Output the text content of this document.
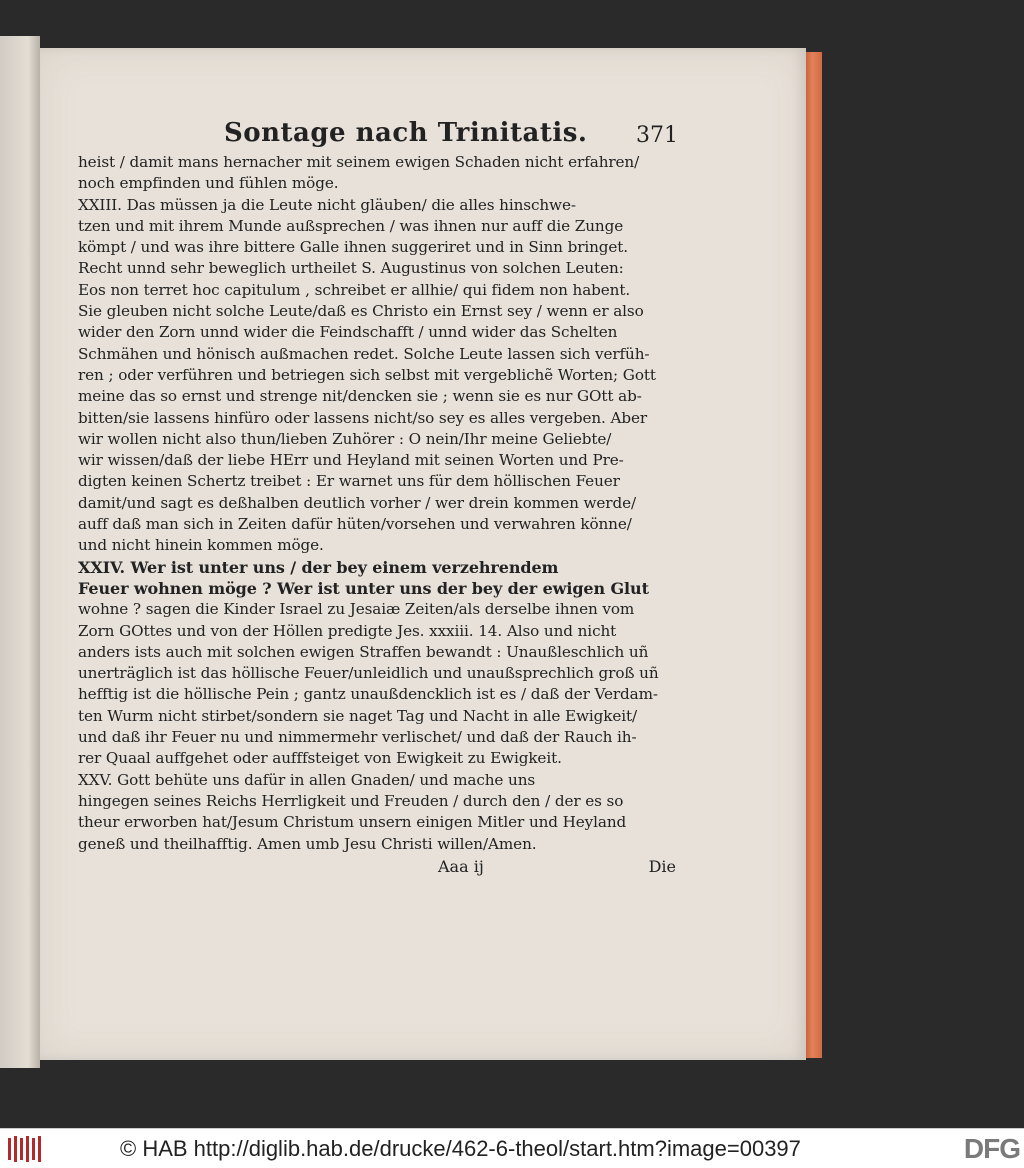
Sontage nach Trinitatis. 371
heist / damit mans hernacher mit seinem ewigen Schaden nicht erfahren/
noch empfinden und fühlen möge.
XXIII. Das müssen ja die Leute nicht gläuben/ die alles hinschwe-
tzen und mit ihrem Munde außsprechen / was ihnen nur auff die Zunge
kömpt / und was ihre bittere Galle ihnen suggeriret und in Sinn bringet.
Recht unnd sehr beweglich urtheilet S. Augustinus von solchen Leuten:
Eos non terret hoc capitulum , schreibet er allhie/ qui fidem non habent.
Sie gleuben nicht solche Leute/daß es Christo ein Ernst sey / wenn er also
wider den Zorn unnd wider die Feindschafft / unnd wider das Schelten
Schmähen und hönisch außmachen redet. Solche Leute lassen sich verfüh-
ren ; oder verführen und betriegen sich selbst mit vergeblichẽ Worten; Gott
meine das so ernst und strenge nit/dencken sie ; wenn sie es nur GOtt ab-
bitten/sie lassens hinfüro oder lassens nicht/so sey es alles vergeben. Aber
wir wollen nicht also thun/lieben Zuhörer : O nein/Ihr meine Geliebte/
wir wissen/daß der liebe HErr und Heyland mit seinen Worten und Pre-
digten keinen Schertz treibet : Er warnet uns für dem höllischen Feuer
damit/und sagt es deßhalben deutlich vorher / wer drein kommen werde/
auff daß man sich in Zeiten dafür hüten/vorsehen und verwahren könne/
und nicht hinein kommen möge.
XXIV. Wer ist unter uns / der bey einem verzehrendem
Feuer wohnen möge ? Wer ist unter uns der bey der ewigen Glut
wohne ? sagen die Kinder Israel zu Jesaiæ Zeiten/als derselbe ihnen vom
Zorn GOttes und von der Höllen predigte Jes. xxxiii. 14. Also und nicht
anders ists auch mit solchen ewigen Straffen bewandt : Unaußleschlich uñ
unerträglich ist das höllische Feuer/unleidlich und unaußsprechlich groß uñ
hefftig ist die höllische Pein ; gantz unaußdencklich ist es / daß der Verdam-
ten Wurm nicht stirbet/sondern sie naget Tag und Nacht in alle Ewigkeit/
und daß ihr Feuer nu und nimmermehr verlischet/ und daß der Rauch ih-
rer Quaal auffgehet oder aufffsteiget von Ewigkeit zu Ewigkeit.
XXV. Gott behüte uns dafür in allen Gnaden/ und mache uns
hingegen seines Reichs Herrligkeit und Freuden / durch den / der es so
theur erworben hat/Jesum Christum unsern einigen Mitler und Heyland
geneß und theilhafftig. Amen umb Jesu Christi willen/Amen.
Aaa ij	Die
© HAB http://diglib.hab.de/drucke/462-6-theol/start.htm?image=00397	DFG
